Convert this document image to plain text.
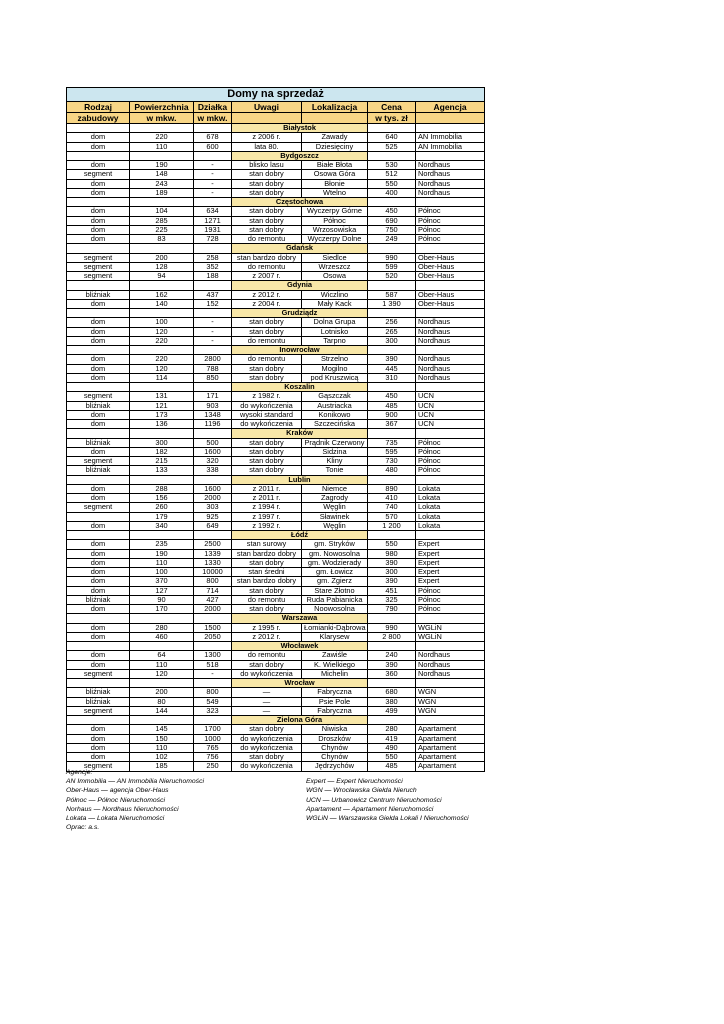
Domy na sprzedaż						
Rodzaj	Powierzchnia	Działka	Uwagi	Lokalizacja	Cena	Agencja
zabudowy	w mkw.	w mkw.			w tys. zł	
			Białystok			
dom	220	678	z 2006 r.	Zawady	640	AN Immobilia
dom	110	600	lata 80.	Dziesięciny	525	AN Immobilia
			Bydgoszcz			
dom	190	-	blisko lasu	Białe Błota	530	Nordhaus
segment	148	-	stan dobry	Osowa Góra	512	Nordhaus
dom	243	-	stan dobry	Błonie	550	Nordhaus
dom	189	-	stan dobry	Wtelno	400	Nordhaus
			Częstochowa			
dom	104	634	stan dobry	Wyczerpy Górne	450	Północ
dom	285	1271	stan dobry	Północ	690	Północ
dom	225	1931	stan dobry	Wrzosowiska	750	Północ
dom	83	728	do remontu	Wyczerpy Dolne	249	Północ
			Gdańsk			
segment	200	258	stan bardzo dobry	Siedlce	990	Ober-Haus
segment	128	352	do remontu	Wrzeszcz	599	Ober-Haus
segment	94	188	z 2007 r.	Osowa	520	Ober-Haus
			Gdynia			
bliźniak	162	437	z 2012 r.	Wiczlino	587	Ober-Haus
dom	140	152	z 2004 r.	Mały Kack	1 390	Ober-Haus
			Grudziądz			
dom	100	-	stan dobry	Dolna Grupa	256	Nordhaus
dom	120	-	stan dobry	Lotnisko	265	Nordhaus
dom	220	-	do remontu	Tarpno	300	Nordhaus
			Inowrocław			
dom	220	2800	do remontu	Strzelno	390	Nordhaus
dom	120	788	stan dobry	Mogilno	445	Nordhaus
dom	114	850	stan dobry	pod Kruszwicą	310	Nordhaus
			Koszalin			
segment	131	171	z 1982 r.	Gąszczak	450	UCN
bliźniak	121	903	do wykończenia	Austriacka	485	UCN
dom	173	1348	wysoki standard	Konikowo	900	UCN
dom	136	1196	do wykończenia	Szczecińska	367	UCN
			Kraków			
bliźniak	300	500	stan dobry	Prądnik Czerwony	735	Północ
dom	182	1600	stan dobry	Sidzina	595	Północ
segment	215	320	stan dobry	Kliny	730	Północ
bliźniak	133	338	stan dobry	Tonie	480	Północ
			Lublin			
dom	288	1600	z 2011 r.	Niemce	890	Lokata
dom	156	2000	z 2011 r.	Zagrody	410	Lokata
segment	260	303	z 1994 r.	Węglin	740	Lokata
	179	925	z 1997 r.	Sławinek	570	Lokata
dom	340	649	z 1992 r.	Węglin	1 200	Lokata
			Łódź			
dom	235	2500	stan surowy	gm. Stryków	550	Expert
dom	190	1339	stan bardzo dobry	gm. Nowosolna	980	Expert
dom	110	1330	stan dobry	gm. Wodzierady	390	Expert
dom	100	10000	stan średni	gm. Łowicz	300	Expert
dom	370	800	stan bardzo dobry	gm. Zgierz	390	Expert
dom	127	714	stan dobry	Stare Złotno	451	Północ
bliźniak	90	427	do remontu	Ruda Pabianicka	325	Północ
dom	170	2000	stan dobry	Noowosolna	790	Północ
			Warszawa			
dom	280	1500	z 1995 r.	Łomianki-Dąbrowa	990	WGLiN
dom	460	2050	z 2012 r.	Klarysew	2 800	WGLiN
			Włocławek			
dom	64	1300	do remontu	Zawiśle	240	Nordhaus
dom	110	518	stan dobry	K. Wielkiego	390	Nordhaus
segment	120	-	do wykończenia	Michelin	360	Nordhaus
			Wrocław			
bliźniak	200	800	—	Fabryczna	680	WGN
bliźniak	80	549	—	Psie Pole	380	WGN
segment	144	323	—	Fabryczna	499	WGN
			Zielona Góra			
dom	145	1700	stan dobry	Niwiska	280	Apartament
dom	150	1000	do wykończenia	Droszków	419	Apartament
dom	110	765	do wykończenia	Chynów	490	Apartament
dom	102	756	stan dobry	Chynów	550	Apartament
segment	185	250	do wykończenia	Jędrzychów	485	Apartament
Agencje:
AN Immobilia — AN Immobilia Nieruchomości	Expert — Expert Nieruchomości
Ober-Haus — agencja Ober-Haus	WGN — Wrocławska Giełda Nieruch
Północ — Północ Nieruchomości	UCN — Urbanowicz Centrum Nieruchomości
Norhaus — Nordhaus Nieruchomości	Apartament — Apartament Nieruchomości
Lokata — Lokata Nieruchomości	WGLiN — Warszawska Giełda Lokali I Nieruchomości
Oprac: a.s.
